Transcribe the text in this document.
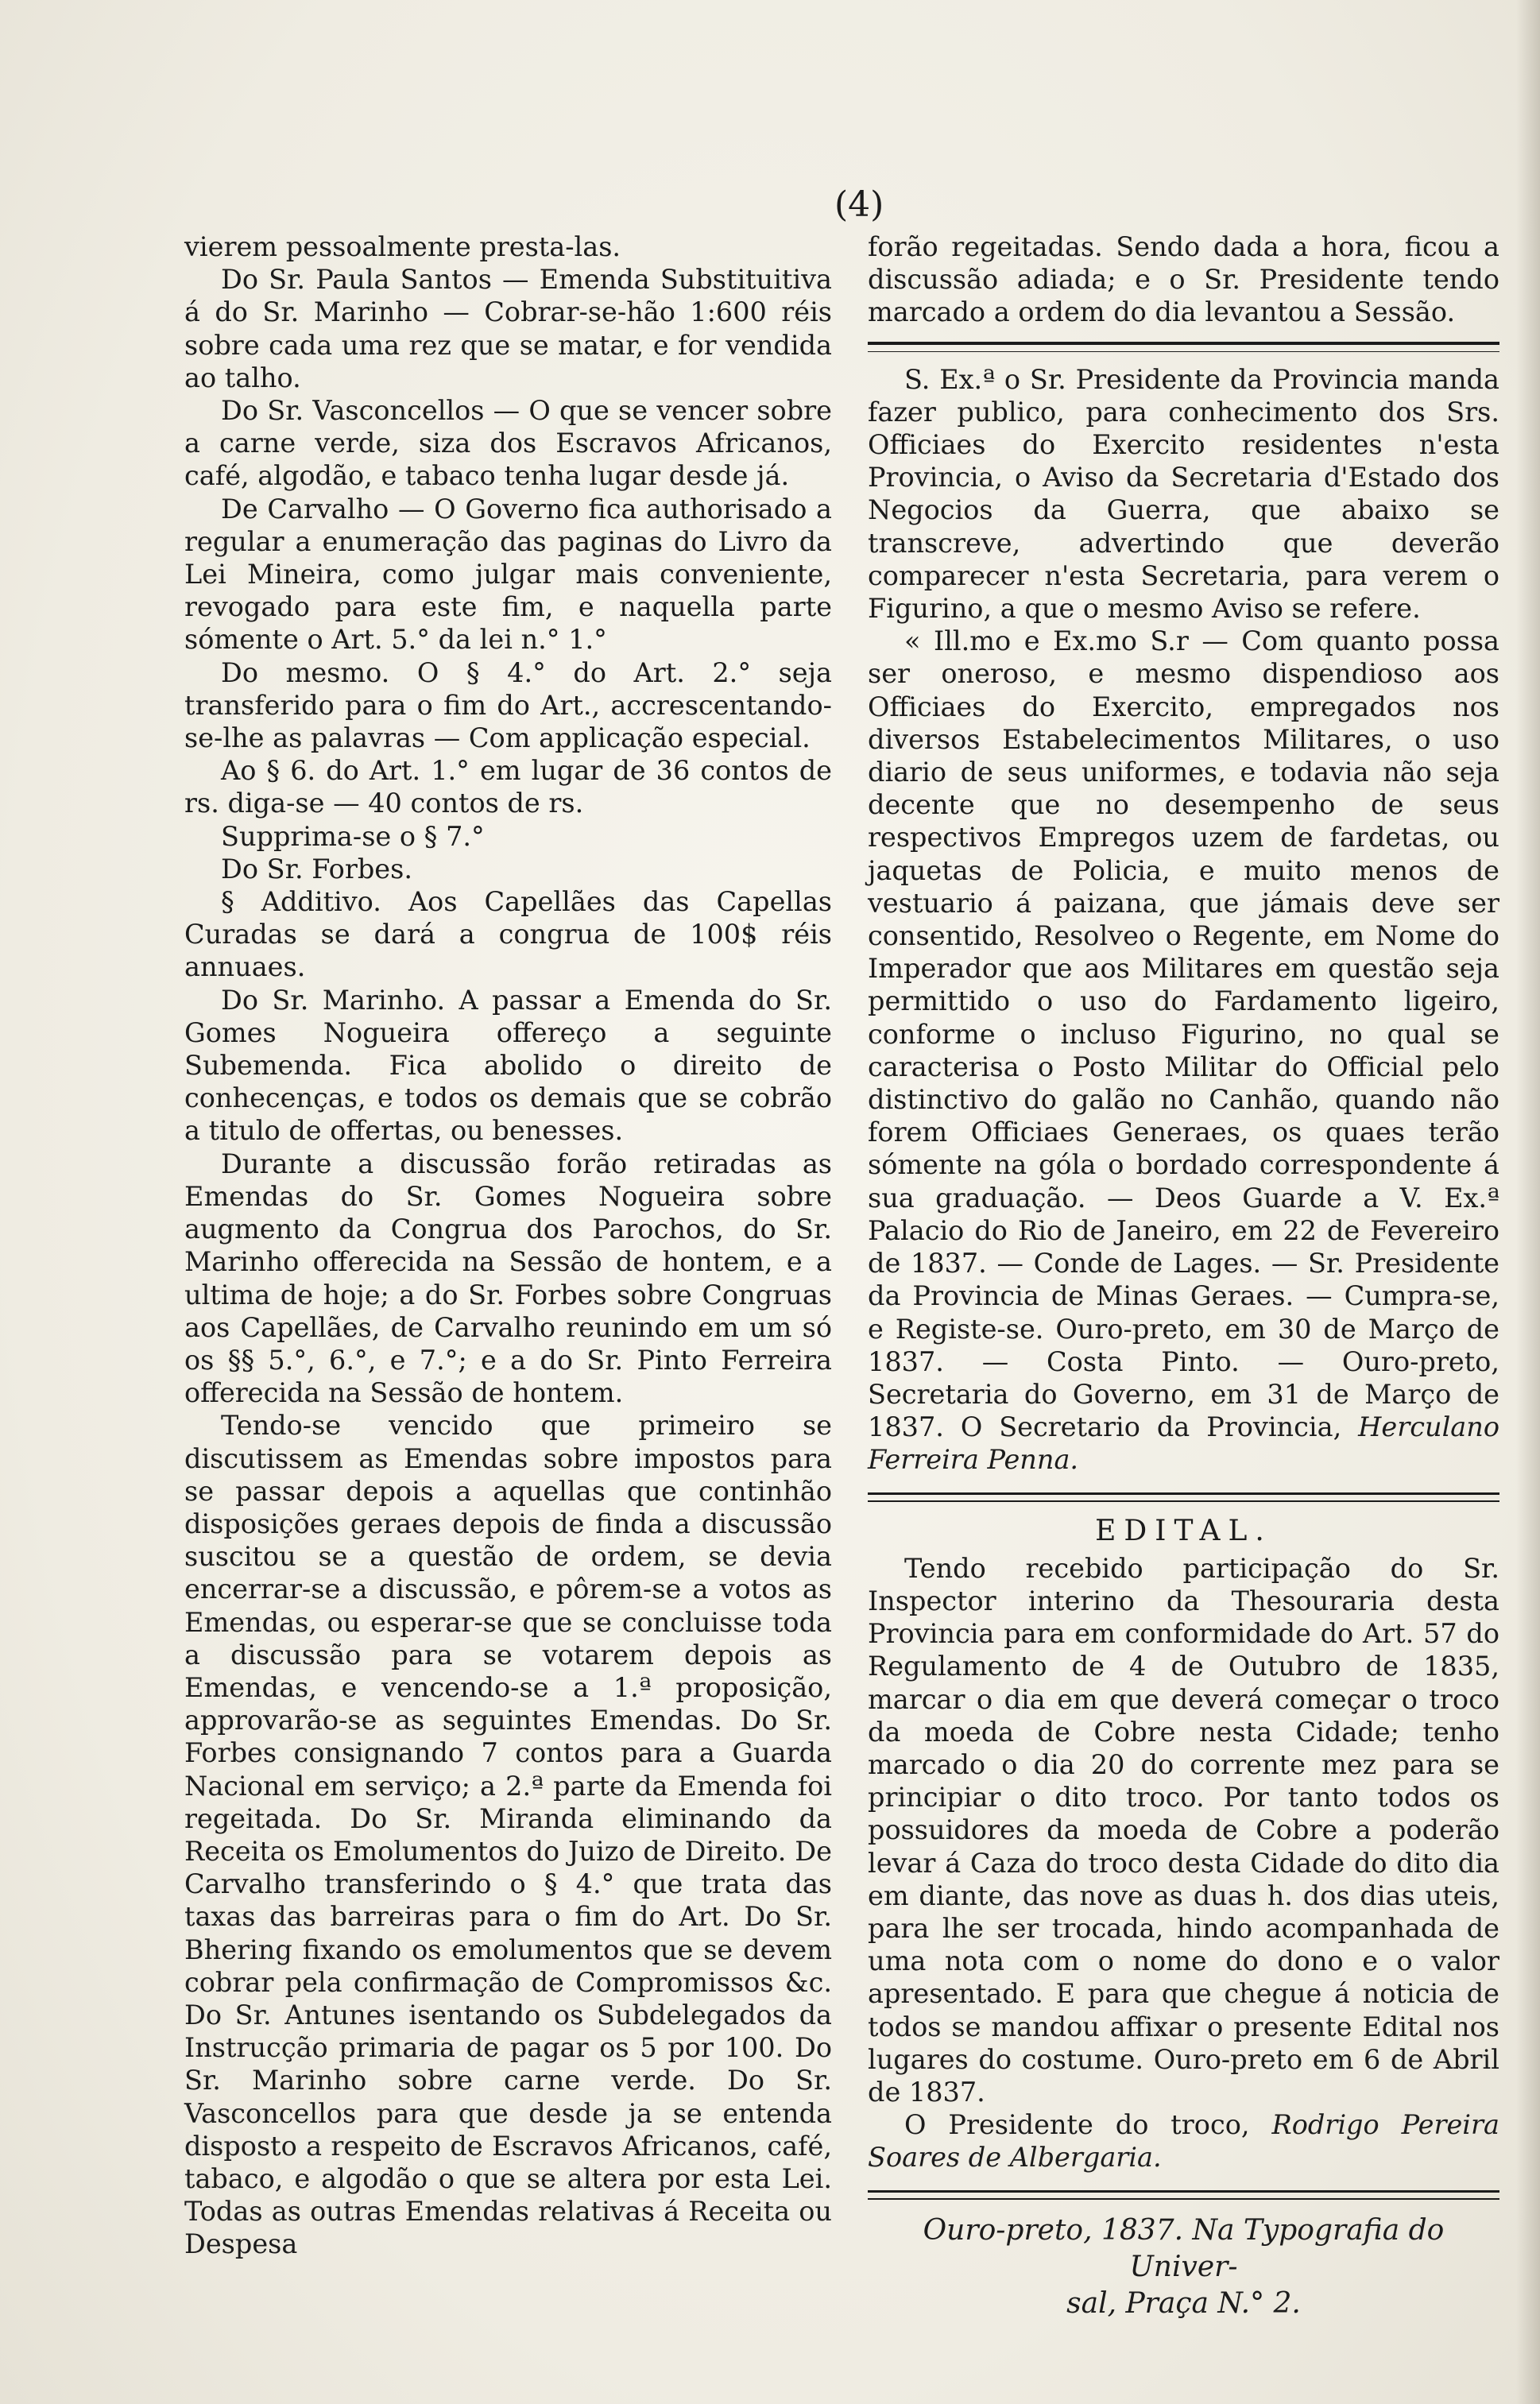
(4)

vierem pessoalmente presta-las.

Do Sr. Paula Santos — Emenda Substituitiva á do Sr. Marinho — Cobrar-se-hão 1:600 réis sobre cada uma rez que se matar, e for vendida ao talho.

Do Sr. Vasconcellos — O que se vencer sobre a carne verde, siza dos Escravos Africanos, café, algodão, e tabaco tenha lugar desde já.

De Carvalho — O Governo fica authorisado a regular a enumeração das paginas do Livro da Lei Mineira, como julgar mais conveniente, revogado para este fim, e naquella parte sómente o Art. 5.° da lei n.° 1.°

Do mesmo. O § 4.° do Art. 2.° seja transferido para o fim do Art., accrescentando-se-lhe as palavras — Com applicação especial.

Ao § 6. do Art. 1.° em lugar de 36 contos de rs. diga-se — 40 contos de rs.

Supprima-se o § 7.°

Do Sr. Forbes.

§ Additivo. Aos Capellães das Capellas Curadas se dará a congrua de 100$ réis annuaes.

Do Sr. Marinho. A passar a Emenda do Sr. Gomes Nogueira offereço a seguinte Subemenda. Fica abolido o direito de conhecenças, e todos os demais que se cobrão a titulo de offertas, ou benesses.

Durante a discussão forão retiradas as Emendas do Sr. Gomes Nogueira sobre augmento da Congrua dos Parochos, do Sr. Marinho offerecida na Sessão de hontem, e a ultima de hoje; a do Sr. Forbes sobre Congruas aos Capellães, de Carvalho reunindo em um só os §§ 5.°, 6.°, e 7.°; e a do Sr. Pinto Ferreira offerecida na Sessão de hontem.

Tendo-se vencido que primeiro se discutissem as Emendas sobre impostos para se passar depois a aquellas que continhão disposições geraes depois de finda a discussão suscitou se a questão de ordem, se devia encerrar-se a discussão, e pôrem-se a votos as Emendas, ou esperar-se que se concluisse toda a discussão para se votarem depois as Emendas, e vencendo-se a 1.ª proposição, approvarão-se as seguintes Emendas. Do Sr. Forbes consignando 7 contos para a Guarda Nacional em serviço; a 2.ª parte da Emenda foi regeitada. Do Sr. Miranda eliminando da Receita os Emolumentos do Juizo de Direito. De Carvalho transferindo o § 4.° que trata das taxas das barreiras para o fim do Art. Do Sr. Bhering fixando os emolumentos que se devem cobrar pela confirmação de Compromissos &c. Do Sr. Antunes isentando os Subdelegados da Instrucção primaria de pagar os 5 por 100. Do Sr. Marinho sobre carne verde. Do Sr. Vasconcellos para que desde ja se entenda disposto a respeito de Escravos Africanos, café, tabaco, e algodão o que se altera por esta Lei. Todas as outras Emendas relativas á Receita ou Despesa

forão regeitadas. Sendo dada a hora, ficou a discussão adiada; e o Sr. Presidente tendo marcado a ordem do dia levantou a Sessão.

S. Ex.ª o Sr. Presidente da Provincia manda fazer publico, para conhecimento dos Srs. Officiaes do Exercito residentes n'esta Provincia, o Aviso da Secretaria d'Estado dos Negocios da Guerra, que abaixo se transcreve, advertindo que deverão comparecer n'esta Secretaria, para verem o Figurino, a que o mesmo Aviso se refere.

« Ill.mo e Ex.mo S.r — Com quanto possa ser oneroso, e mesmo dispendioso aos Officiaes do Exercito, empregados nos diversos Estabelecimentos Militares, o uso diario de seus uniformes, e todavia não seja decente que no desempenho de seus respectivos Empregos uzem de fardetas, ou jaquetas de Policia, e muito menos de vestuario á paizana, que jámais deve ser consentido, Resolveo o Regente, em Nome do Imperador que aos Militares em questão seja permittido o uso do Fardamento ligeiro, conforme o incluso Figurino, no qual se caracterisa o Posto Militar do Official pelo distinctivo do galão no Canhão, quando não forem Officiaes Generaes, os quaes terão sómente na góla o bordado correspondente á sua graduação. — Deos Guarde a V. Ex.ª Palacio do Rio de Janeiro, em 22 de Fevereiro de 1837. — Conde de Lages. — Sr. Presidente da Provincia de Minas Geraes. — Cumpra-se, e Registe-se. Ouro-preto, em 30 de Março de 1837. — Costa Pinto. — Ouro-preto, Secretaria do Governo, em 31 de Março de 1837. O Secretario da Provincia, Herculano Ferreira Penna.

EDITAL.

Tendo recebido participação do Sr. Inspector interino da Thesouraria desta Provincia para em conformidade do Art. 57 do Regulamento de 4 de Outubro de 1835, marcar o dia em que deverá começar o troco da moeda de Cobre nesta Cidade; tenho marcado o dia 20 do corrente mez para se principiar o dito troco. Por tanto todos os possuidores da moeda de Cobre a poderão levar á Caza do troco desta Cidade do dito dia em diante, das nove as duas h. dos dias uteis, para lhe ser trocada, hindo acompanhada de uma nota com o nome do dono e o valor apresentado. E para que chegue á noticia de todos se mandou affixar o presente Edital nos lugares do costume. Ouro-preto em 6 de Abril de 1837.

O Presidente do troco, Rodrigo Pereira Soares de Albergaria.

Ouro-preto, 1837. Na Typografia do Univer-
sal, Praça N.° 2.
